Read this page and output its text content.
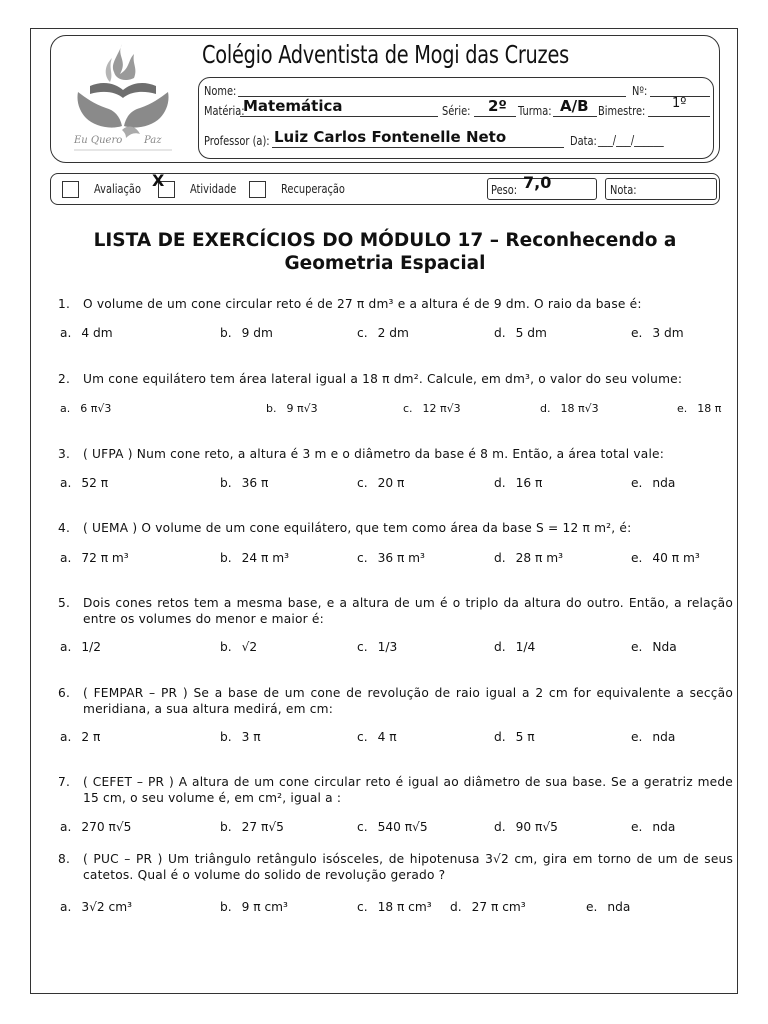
Eu Quero Paz
Colégio Adventista de Mogi das Cruzes
Nome:	Nº:
Matéria:
Matemática	Série: 2º Turma: A/B Bimestre: 1º
Professor (a): Luiz Carlos Fontenelle Neto	Data: ___/___/______
Avaliação X Atividade	Recuperação	Peso: 7,0	Nota:
LISTA DE EXERCÍCIOS DO MÓDULO 17 – Reconhecendo a
Geometria Espacial
1. O volume de um cone circular reto é de 27 π dm³ e a altura é de 9 dm. O raio da base é:
a. 4 dm	b. 9 dm	c. 2 dm	d. 5 dm	e. 3 dm
2. Um cone equilátero tem área lateral igual a 18 π dm². Calcule, em dm³, o valor do seu volume:
a. 6 π√3	b. 9 π√3	c. 12 π√3	d. 18 π√3	e. 18 π
3. ( UFPA ) Num cone reto, a altura é 3 m e o diâmetro da base é 8 m. Então, a área total vale:
a. 52 π	b. 36 π	c. 20 π	d. 16 π	e. nda
4. ( UEMA ) O volume de um cone equilátero, que tem como área da base S = 12 π m², é:
a. 72 π m³	b. 24 π m³	c. 36 π m³	d. 28 π m³	e. 40 π m³
5. Dois cones retos tem a mesma base, e a altura de um é o triplo da altura do outro. Então, a relação entre os volumes do menor e maior é:
a. 1/2	b. √2	c. 1/3	d. 1/4	e. Nda
6. ( FEMPAR – PR ) Se a base de um cone de revolução de raio igual a 2 cm for equivalente a secção meridiana, a sua altura medirá, em cm:
a. 2 π	b. 3 π	c. 4 π	d. 5 π	e. nda
7. ( CEFET – PR ) A altura de um cone circular reto é igual ao diâmetro de sua base. Se a geratriz mede 15 cm, o seu volume é, em cm², igual a :
a. 270 π√5	b. 27 π√5	c. 540 π√5	d. 90 π√5	e. nda
8. ( PUC – PR ) Um triângulo retângulo isósceles, de hipotenusa 3√2 cm, gira em torno de um de seus catetos. Qual é o volume do solido de revolução gerado ?
a. 3√2 cm³	b. 9 π cm³	c. 18 π cm³ d. 27 π cm³	e. nda
